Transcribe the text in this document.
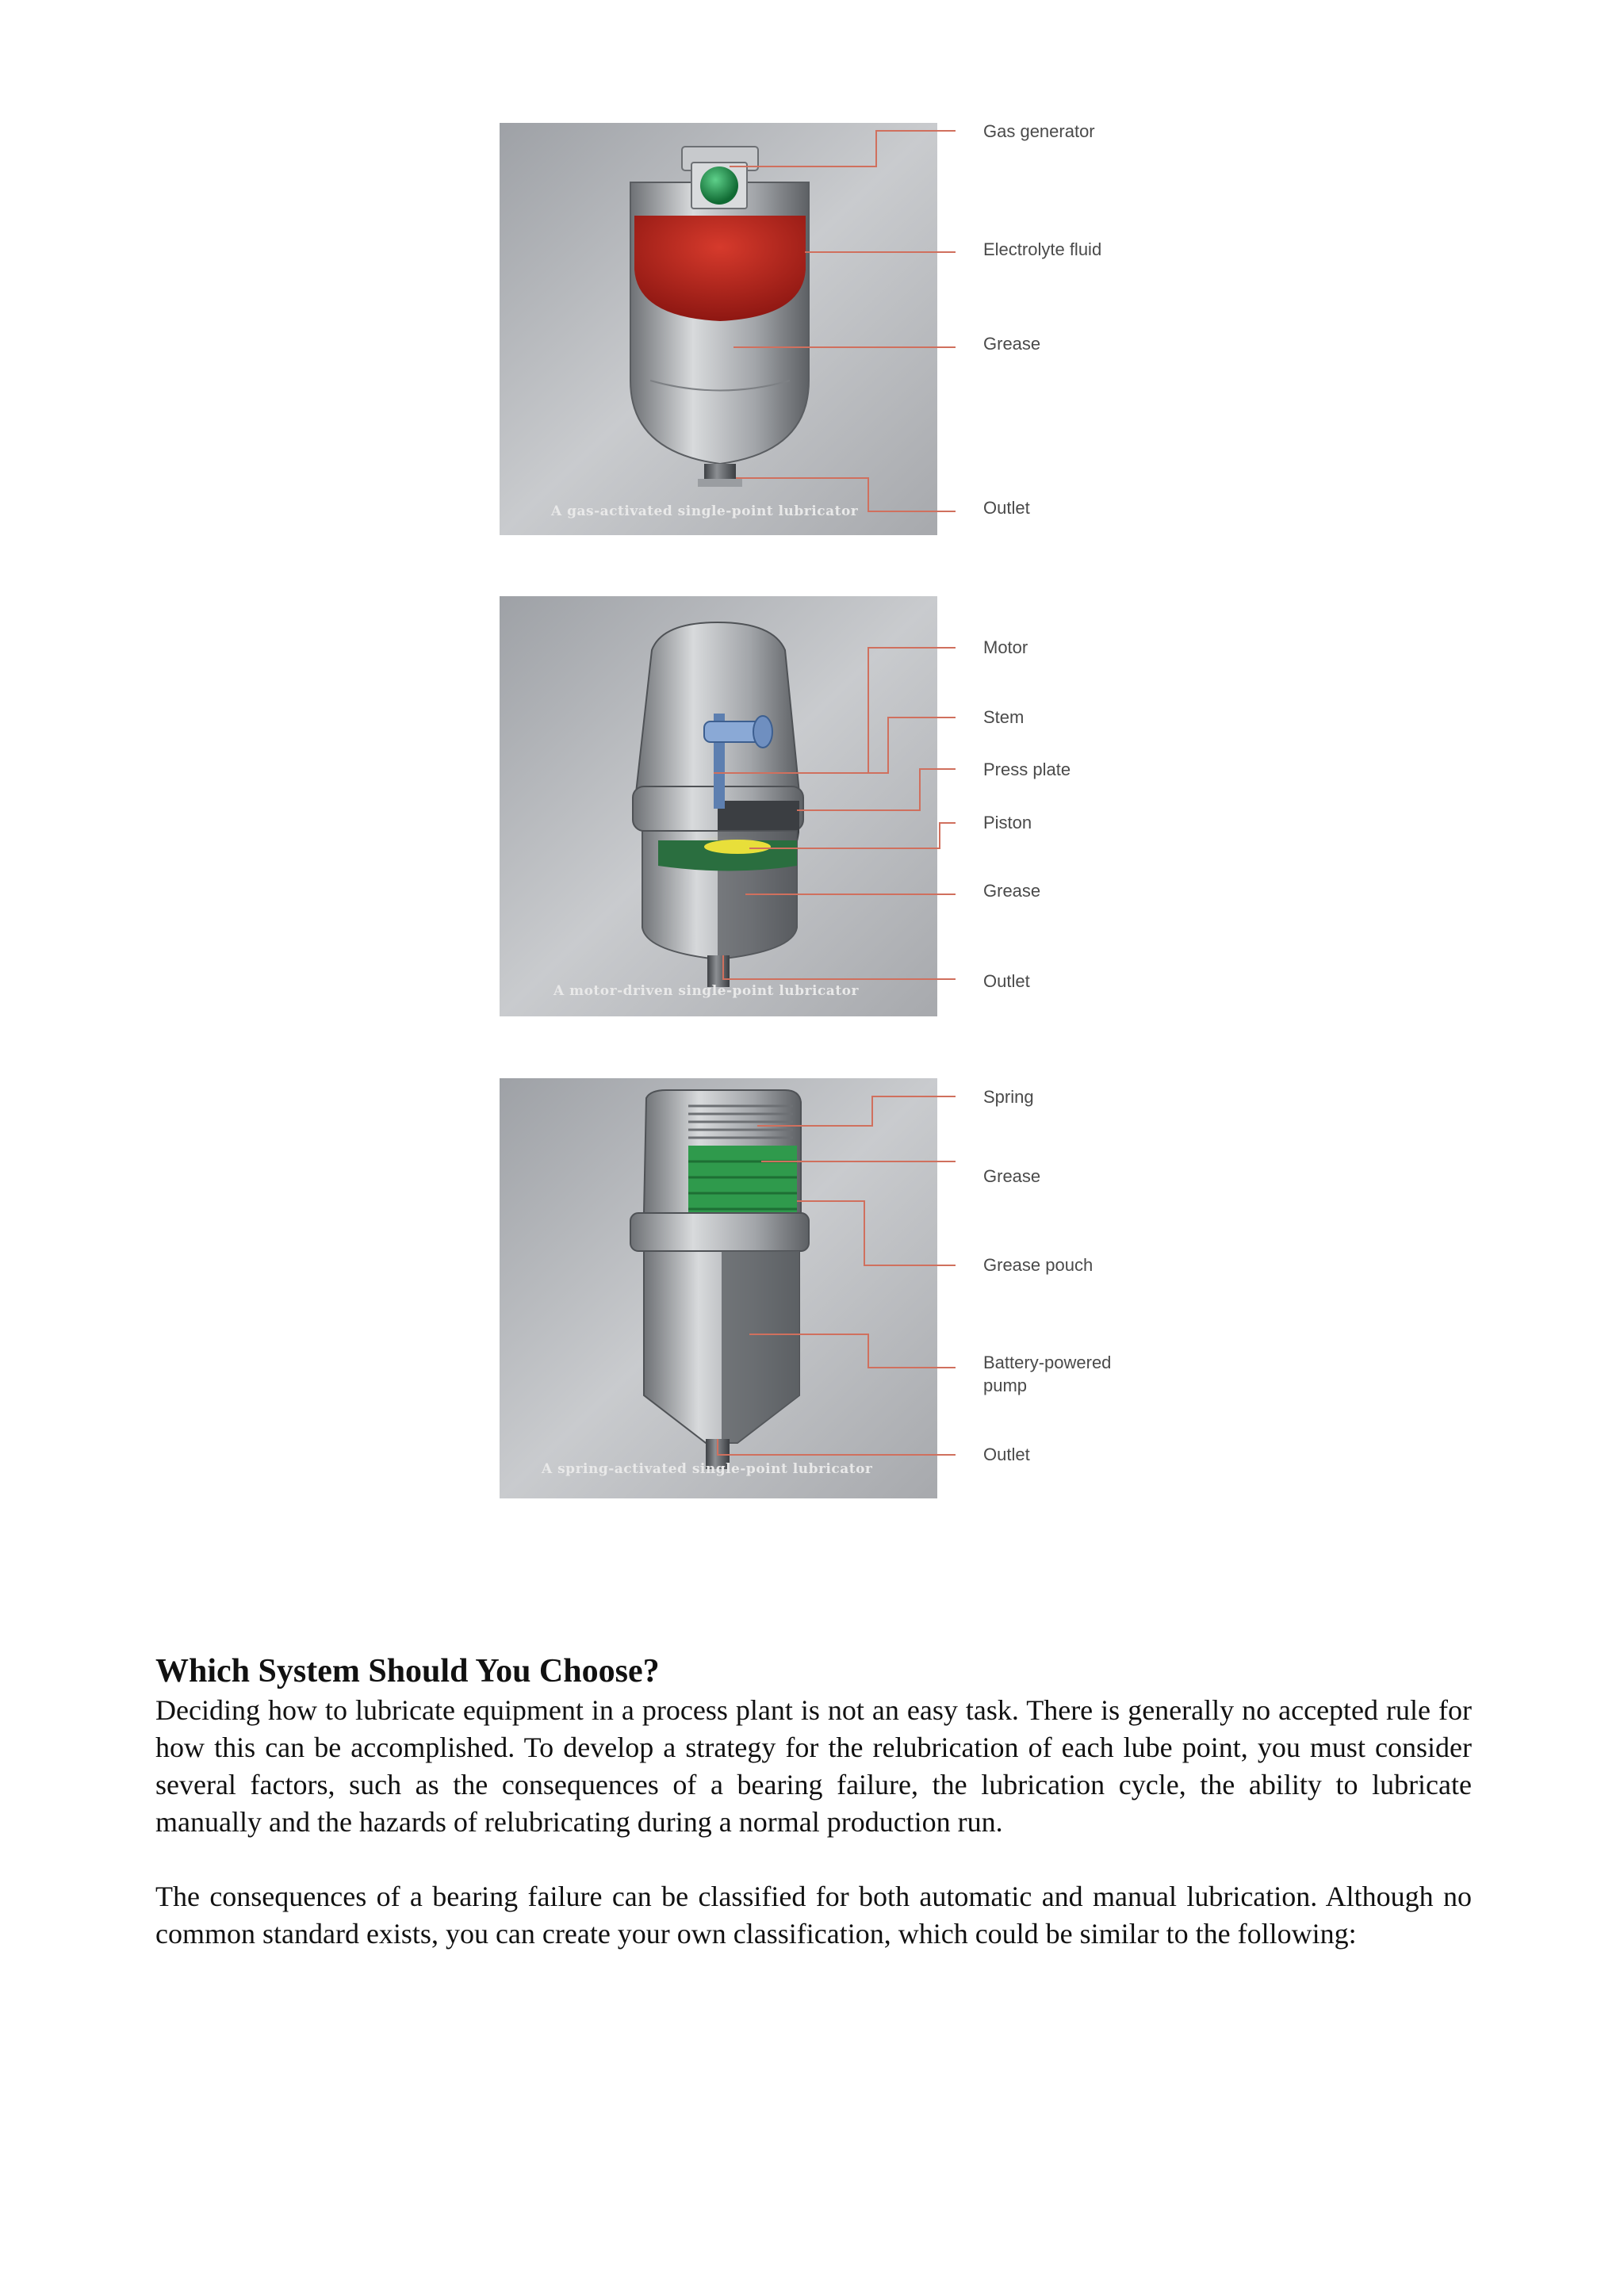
A gas-activated single-point lubricator
Gas generator
Electrolyte fluid
Grease
Outlet
A motor-driven single-point lubricator
Motor
Stem
Press plate
Piston
Grease
Outlet
A spring-activated single-point lubricator
Spring
Grease
Grease pouch
Battery-powered
pump
Outlet
Which System Should You Choose?

Deciding how to lubricate equipment in a process plant is not an easy task. There is generally no accepted rule for how this can be accomplished. To develop a strategy for the relubrication of each lube point, you must consider several factors, such as the consequences of a bearing failure, the lubrication cycle, the ability to lubricate manually and the hazards of relubricating during a normal production run.

The consequences of a bearing failure can be classified for both automatic and manual lubrication. Although no common standard exists, you can create your own classification, which could be similar to the following:
